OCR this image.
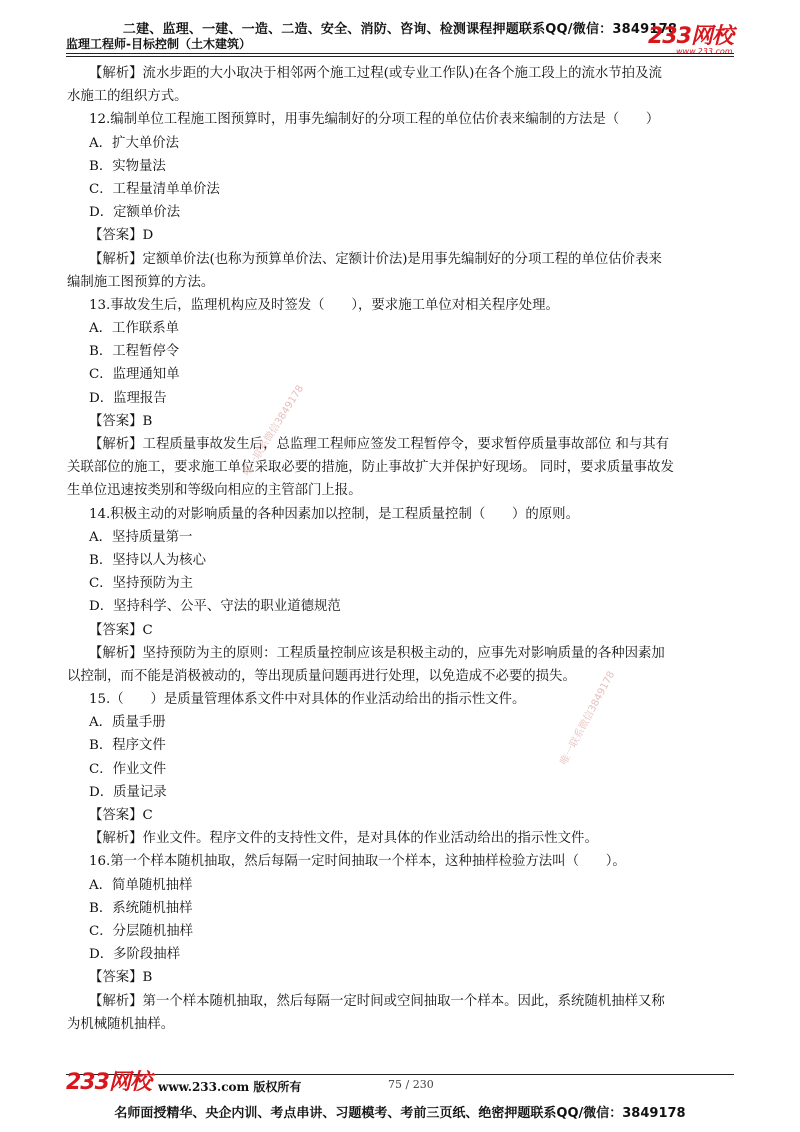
二建、监理、一建、一造、二造、安全、消防、咨询、检测课程押题联系QQ/微信：3849178
监理工程师-目标控制（土木建筑）	233网校
www.233.com
【解析】流水步距的大小取决于相邻两个施工过程(或专业工作队)在各个施工段上的流水节拍及流
水施工的组织方式。
12.编制单位工程施工图预算时，用事先编制好的分项工程的单位估价表来编制的方法是（　　）
A．扩大单价法
B．实物量法
C．工程量清单单价法
D．定额单价法
【答案】D
【解析】定额单价法(也称为预算单价法、定额计价法)是用事先编制好的分项工程的单位估价表来
编制施工图预算的方法。
13.事故发生后，监理机构应及时签发（　　），要求施工单位对相关程序处理。
A．工作联系单
B．工程暂停令
C．监理通知单
D．监理报告
【答案】B
【解析】工程质量事故发生后，总监理工程师应签发工程暂停令，要求暂停质量事故部位 和与其有
关联部位的施工，要求施工单位采取必要的措施，防止事故扩大并保护好现场。 同时，要求质量事故发
生单位迅速按类别和等级向相应的主管部门上报。
14.积极主动的对影响质量的各种因素加以控制，是工程质量控制（　　）的原则。
A．坚持质量第一
B．坚持以人为核心
C．坚持预防为主
D．坚持科学、公平、守法的职业道德规范
【答案】C
【解析】坚持预防为主的原则：工程质量控制应该是积极主动的，应事先对影响质量的各种因素加
以控制，而不能是消极被动的，等出现质量问题再进行处理，以免造成不必要的损失。
15.（　　）是质量管理体系文件中对具体的作业活动给出的指示性文件。
A．质量手册
B．程序文件
C．作业文件
D．质量记录
【答案】C
【解析】作业文件。程序文件的支持性文件，是对具体的作业活动给出的指示性文件。
16.第一个样本随机抽取，然后每隔一定时间抽取一个样本，这种抽样检验方法叫（　　）。
A．简单随机抽样
B．系统随机抽样
C．分层随机抽样
D．多阶段抽样
【答案】B
【解析】第一个样本随机抽取，然后每隔一定时间或空间抽取一个样本。因此，系统随机抽样又称
为机械随机抽样。
唯一联系微信3849178
唯一联系微信3849178
233网校 www.233.com 版权所有	75 / 230
名师面授精华、央企内训、考点串讲、习题模考、考前三页纸、绝密押题联系QQ/微信：3849178
